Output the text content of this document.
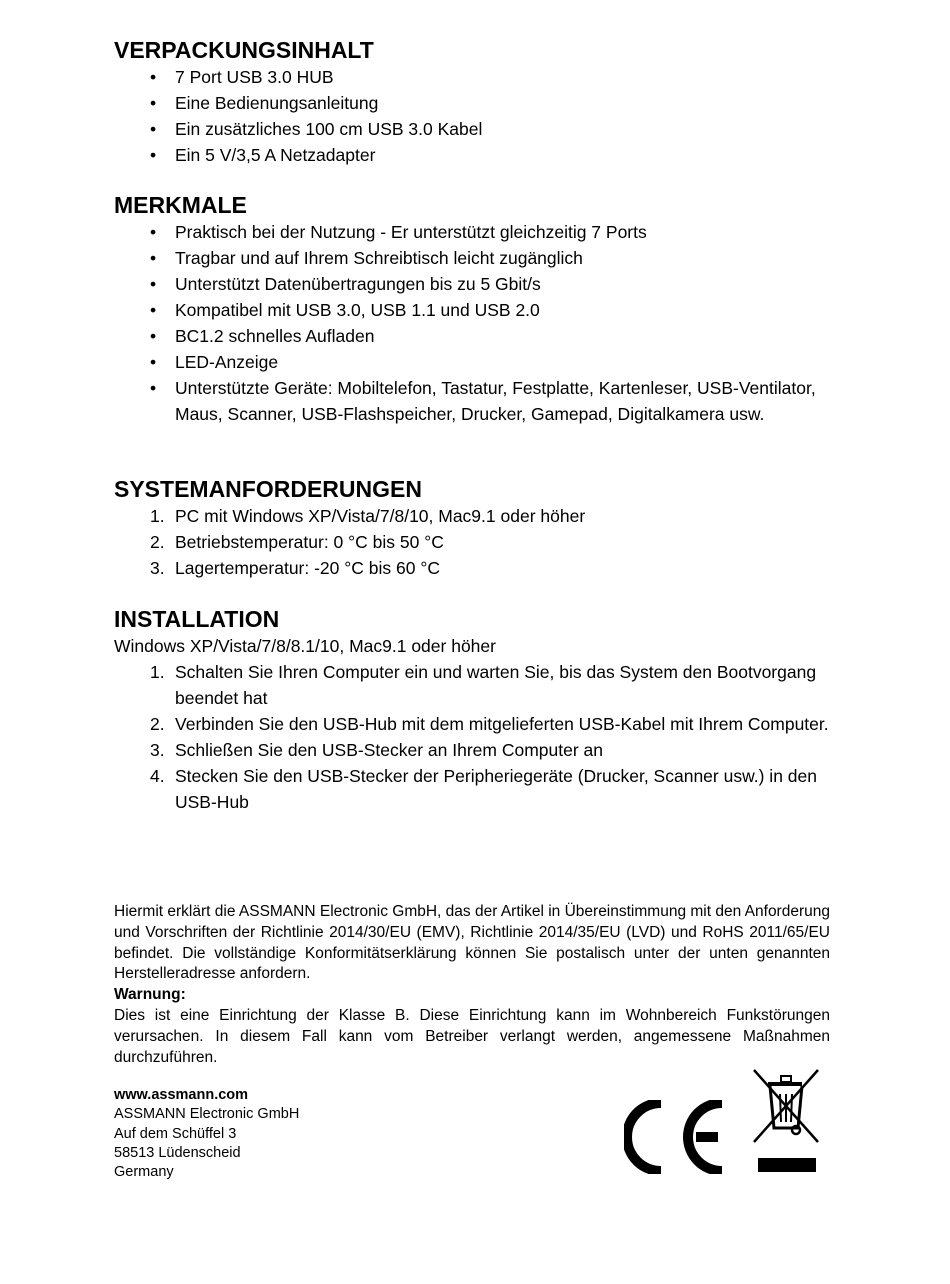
VERPACKUNGSINHALT
•	7 Port USB 3.0 HUB
•	Eine Bedienungsanleitung
•	Ein zusätzliches 100 cm USB 3.0 Kabel
•	Ein 5 V/3,5 A Netzadapter
MERKMALE
•	Praktisch bei der Nutzung - Er unterstützt gleichzeitig 7 Ports
•	Tragbar und auf Ihrem Schreibtisch leicht zugänglich
•	Unterstützt Datenübertragungen bis zu 5 Gbit/s
•	Kompatibel mit USB 3.0, USB 1.1 und USB 2.0
•	BC1.2 schnelles Aufladen
•	LED-Anzeige
•	Unterstützte Geräte: Mobiltelefon, Tastatur, Festplatte, Kartenleser, USB-Ventilator, Maus, Scanner, USB-Flashspeicher, Drucker, Gamepad, Digitalkamera usw.
SYSTEMANFORDERUNGEN
1. PC mit Windows XP/Vista/7/8/10, Mac9.1 oder höher
2. Betriebstemperatur: 0 °C bis 50 °C
3. Lagertemperatur: -20 °C bis 60 °C
INSTALLATION

Windows XP/Vista/7/8/8.1/10, Mac9.1 oder höher

1. Schalten Sie Ihren Computer ein und warten Sie, bis das System den Bootvorgang beendet hat
2. Verbinden Sie den USB-Hub mit dem mitgelieferten USB-Kabel mit Ihrem Computer.
3. Schließen Sie den USB-Stecker an Ihrem Computer an
4. Stecken Sie den USB-Stecker der Peripheriegeräte (Drucker, Scanner usw.) in den USB-Hub

Hiermit erklärt die ASSMANN Electronic GmbH, das der Artikel in Übereinstimmung mit den Anforderung und Vorschriften der Richtlinie 2014/30/EU (EMV), Richtlinie 2014/35/EU (LVD) und RoHS 2011/65/EU befindet. Die vollständige Konformitätserklärung können Sie postalisch unter der unten genannten Herstelleradresse anfordern.

Warnung:

Dies ist eine Einrichtung der Klasse B. Diese Einrichtung kann im Wohnbereich Funkstörungen verursachen. In diesem Fall kann vom Betreiber verlangt werden, angemessene Maßnahmen durchzuführen.

www.assmann.com
ASSMANN Electronic GmbH
Auf dem Schüffel 3
58513 Lüdenscheid
Germany
